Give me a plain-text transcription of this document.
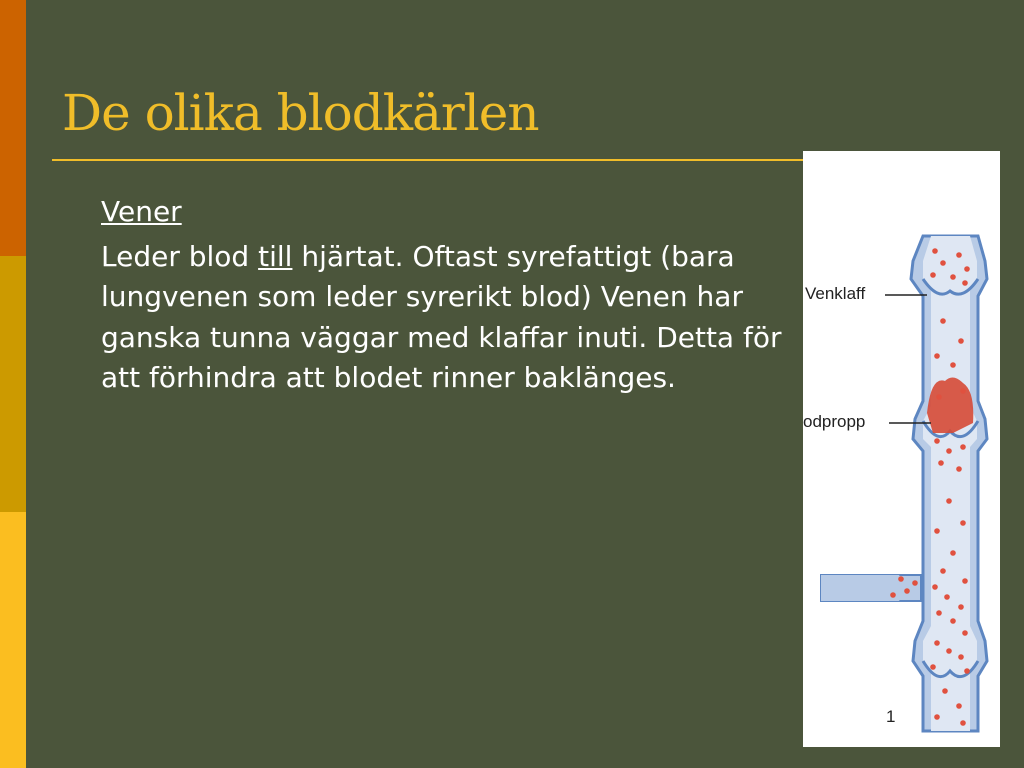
De olika blodkärlen
Vener

Leder blod till hjärtat. Oftast syrefattigt (bara lungvenen som leder syrerikt blod) Venen har ganska tunna väggar med klaffar inuti. Detta för att förhindra att blodet rinner baklänges.

Venklaff
odpropp
1
